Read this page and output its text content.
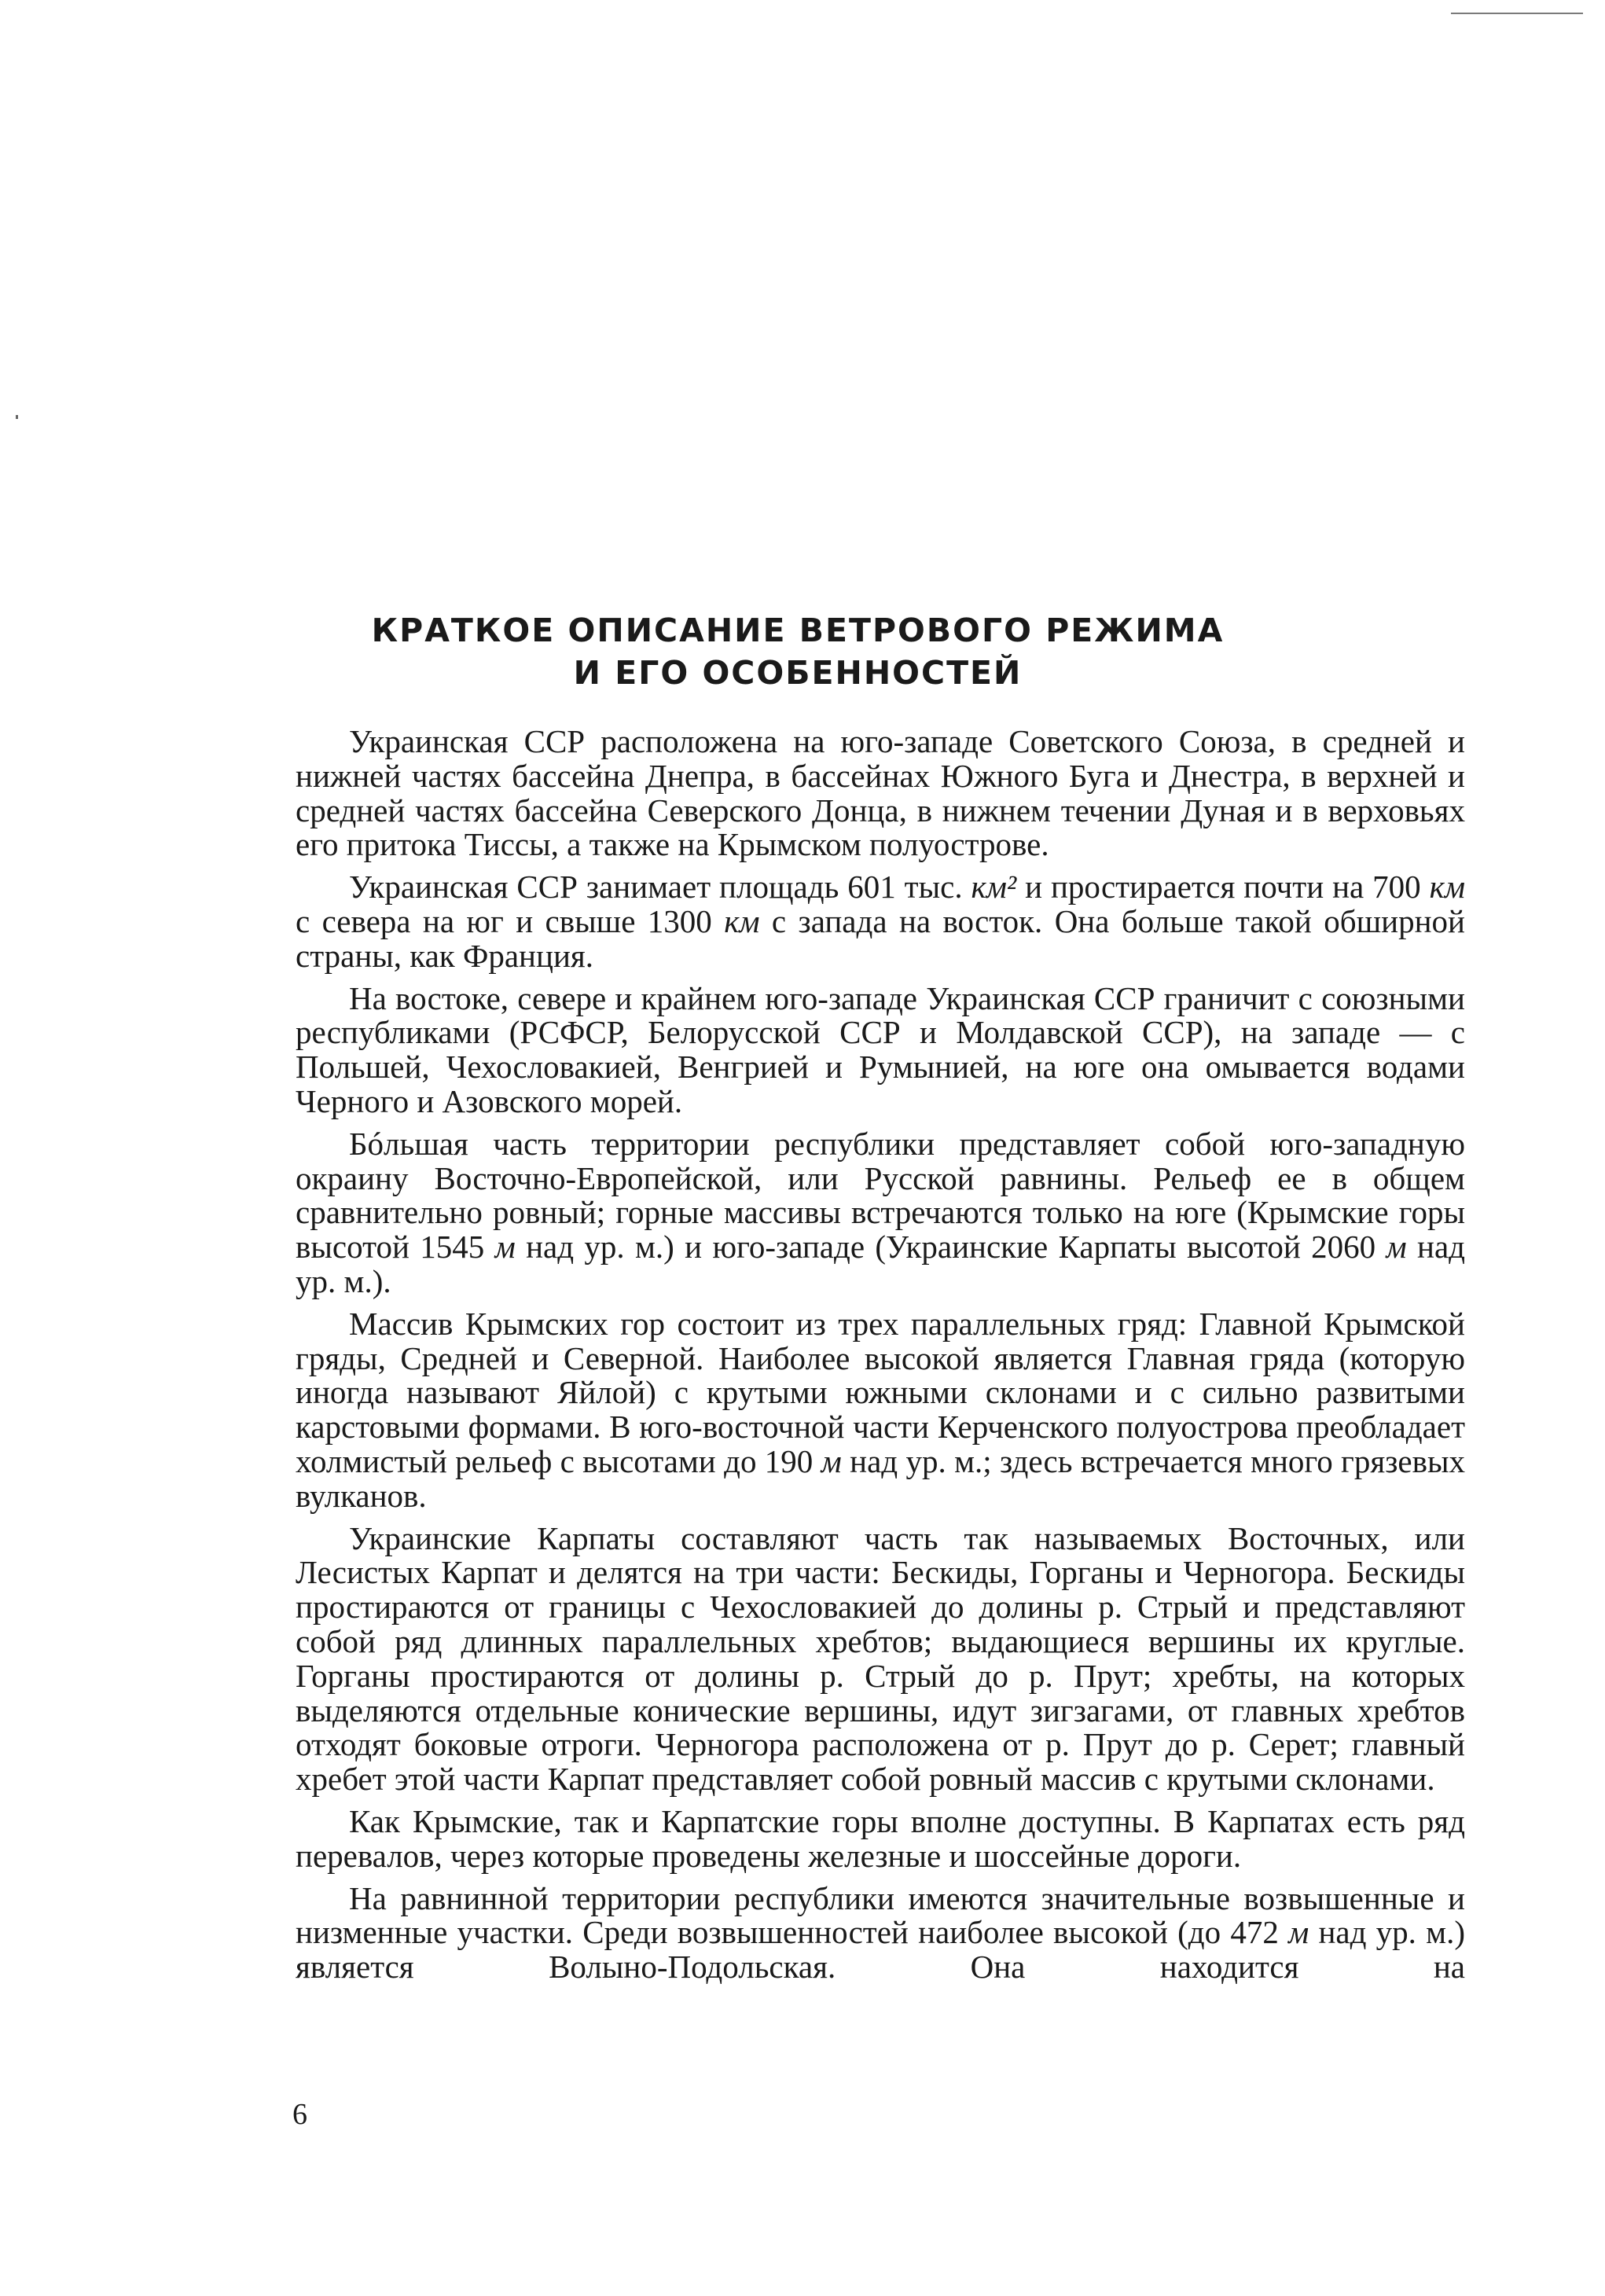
КРАТКОЕ ОПИСАНИЕ ВЕТРОВОГО РЕЖИМА
И ЕГО ОСОБЕННОСТЕЙ

Украинская ССР расположена на юго-западе Советского Союза, в средней и нижней частях бассейна Днепра, в бассейнах Южного Буга и Днестра, в верхней и средней частях бассейна Северского Донца, в нижнем течении Дуная и в верховьях его притока Тиссы, а также на Крымском полуострове.

Украинская ССР занимает площадь 601 тыс. км² и простирается почти на 700 км с севера на юг и свыше 1300 км с запада на восток. Она больше такой обширной страны, как Франция.

На востоке, севере и крайнем юго-западе Украинская ССР граничит с союзными республиками (РСФСР, Белорусской ССР и Молдавской ССР), на западе — с Польшей, Чехословакией, Венгрией и Румынией, на юге она омывается водами Черного и Азовского морей.

Бóльшая часть территории республики представляет собой юго-западную окраину Восточно-Европейской, или Русской равнины. Рельеф ее в общем сравнительно ровный; горные массивы встречаются только на юге (Крымские горы высотой 1545 м над ур. м.) и юго-западе (Украинские Карпаты высотой 2060 м над ур. м.).

Массив Крымских гор состоит из трех параллельных гряд: Главной Крымской гряды, Средней и Северной. Наиболее высокой является Главная гряда (которую иногда называют Яйлой) с крутыми южными склонами и с сильно развитыми карстовыми формами. В юго-восточной части Керченского полуострова преобладает холмистый рельеф с высотами до 190 м над ур. м.; здесь встречается много грязевых вулканов.

Украинские Карпаты составляют часть так называемых Восточных, или Лесистых Карпат и делятся на три части: Бескиды, Горганы и Черногора. Бескиды простираются от границы с Чехословакией до долины р. Стрый и представляют собой ряд длинных параллельных хребтов; выдающиеся вершины их круглые. Горганы простираются от долины р. Стрый до р. Прут; хребты, на которых выделяются отдельные конические вершины, идут зигзагами, от главных хребтов отходят боковые отроги. Черногора расположена от р. Прут до р. Серет; главный хребет этой части Карпат представляет собой ровный массив с крутыми склонами.

Как Крымские, так и Карпатские горы вполне доступны. В Карпатах есть ряд перевалов, через которые проведены железные и шоссейные дороги.

На равнинной территории республики имеются значительные возвышенные и низменные участки. Среди возвышенностей наиболее высокой (до 472 м над ур. м.) является Волыно-Подольская. Она находится на

6
